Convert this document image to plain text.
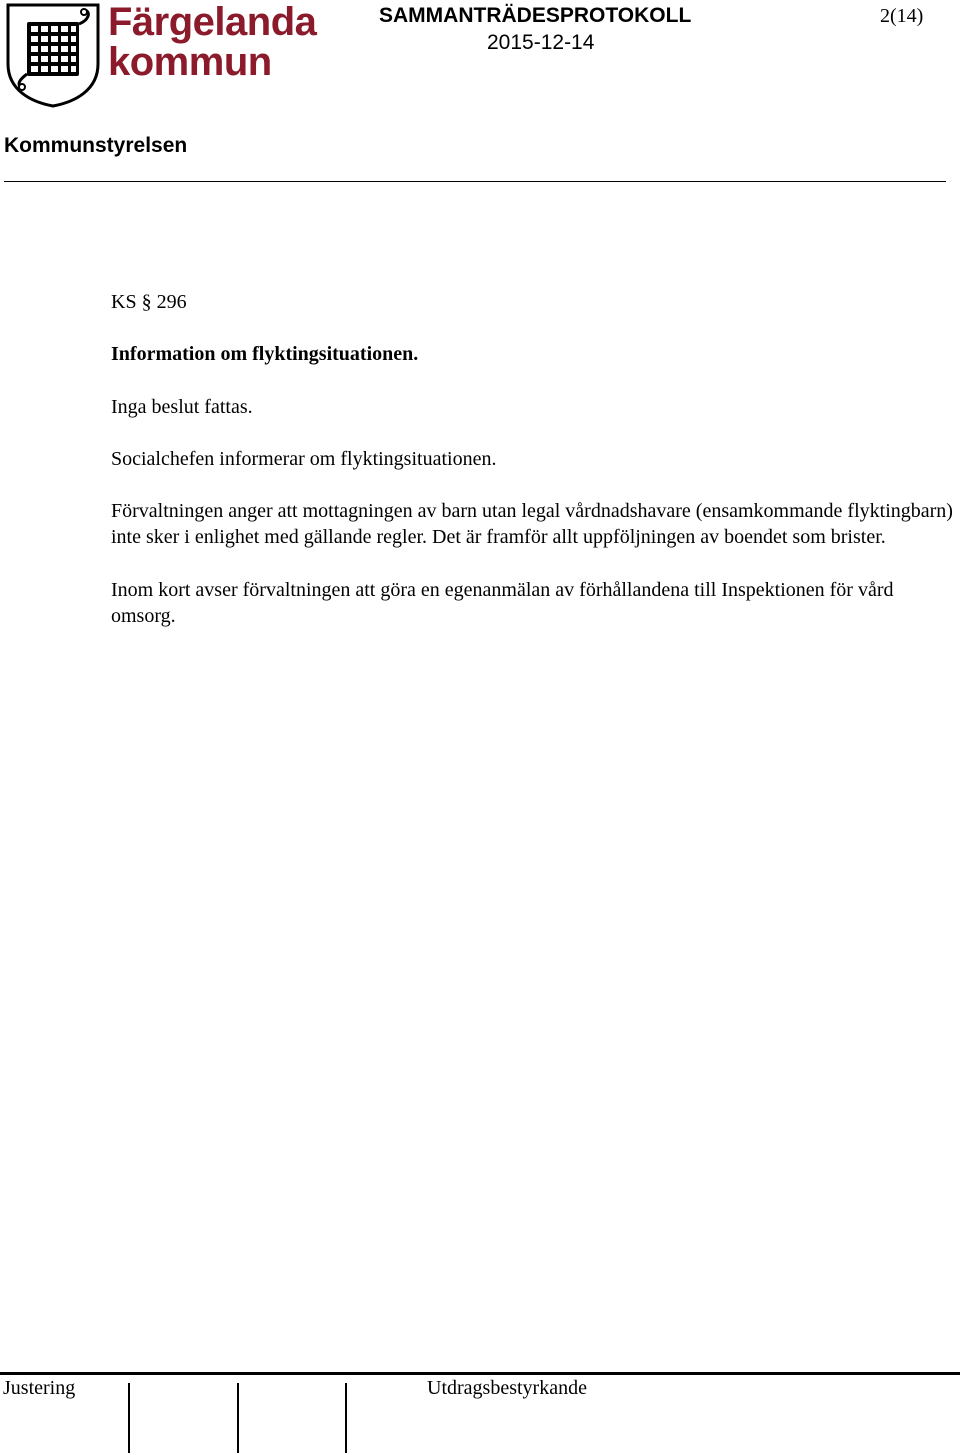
Färgelanda
kommun
SAMMANTRÄDESPROTOKOLL
2015-12-14
2(14)
Kommunstyrelsen

KS § 296

Information om flyktingsituationen.

Inga beslut fattas.

Socialchefen informerar om flyktingsituationen.

Förvaltningen anger att mottagningen av barn utan legal vårdnadshavare (ensamkommande flyktingbarn) inte sker i enlighet med gällande regler. Det är framför allt uppföljningen av boendet som brister.

Inom kort avser förvaltningen att göra en egenanmälan av förhållandena till Inspektionen för vård omsorg.

Justering	Utdragsbestyrkande
